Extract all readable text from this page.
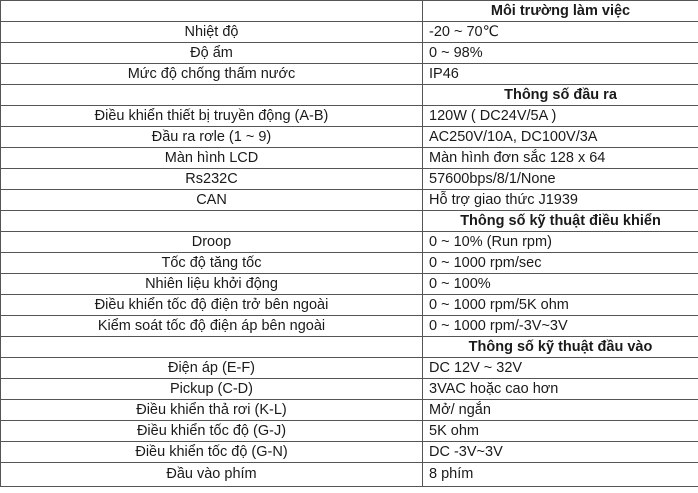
	Môi trường làm việc
Nhiệt độ	-20 ~ 70℃
Độ ẩm	0 ~ 98%
Mức độ chống thấm nước	IP46
	Thông số đầu ra
Điều khiển thiết bị truyền động (A-B)	120W ( DC24V/5A )
Đầu ra rơle (1 ~ 9)	AC250V/10A, DC100V/3A
Màn hình LCD	Màn hình đơn sắc 128 x 64
Rs232C	57600bps/8/1/None
CAN	Hỗ trợ giao thức J1939
	Thông số kỹ thuật điều khiển
Droop	0 ~ 10% (Run rpm)
Tốc độ tăng tốc	0 ~ 1000 rpm/sec
Nhiên liệu khởi động	0 ~ 100%
Điều khiển tốc độ điện trở bên ngoài	0 ~ 1000 rpm/5K ohm
Kiểm soát tốc độ điện áp bên ngoài	0 ~ 1000 rpm/-3V~3V
	Thông số kỹ thuật đầu vào
Điện áp (E-F)	DC 12V ~ 32V
Pickup (C-D)	3VAC hoặc cao hơn
Điều khiển thả rơi (K-L)	Mở/ ngắn
Điều khiển tốc độ (G-J)	5K ohm
Điều khiển tốc độ (G-N)	DC -3V~3V
Đầu vào phím	8 phím
